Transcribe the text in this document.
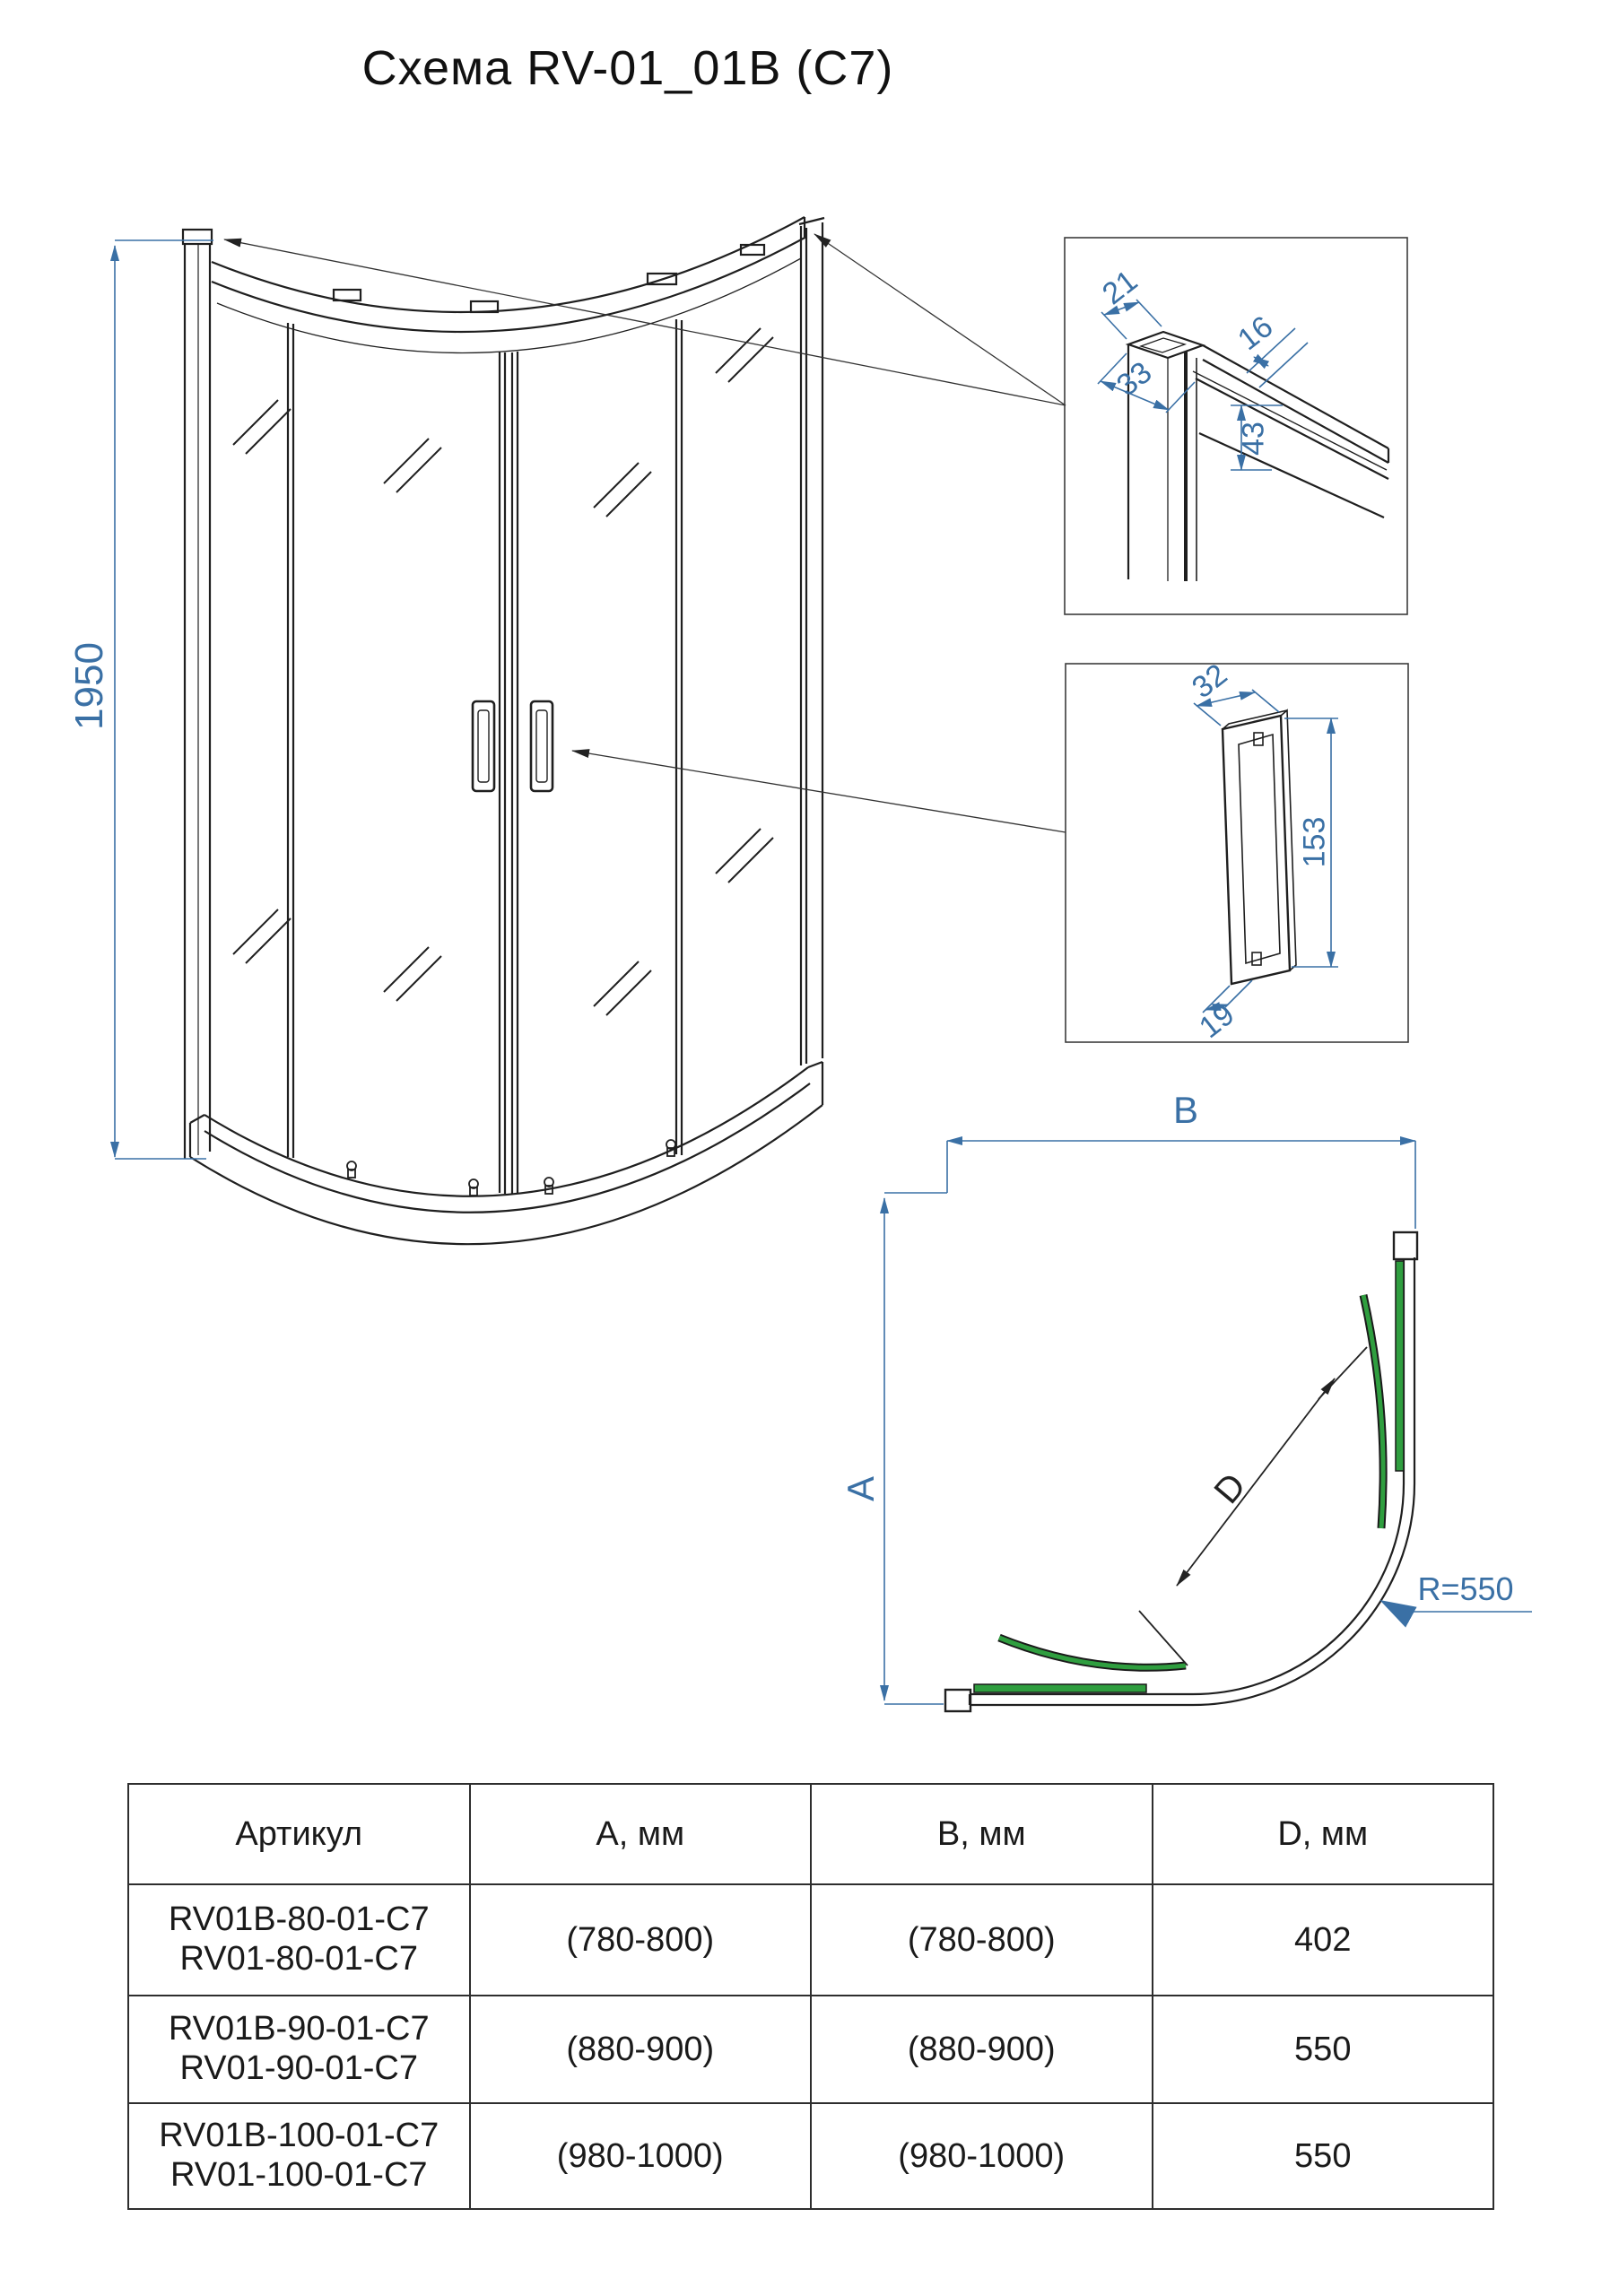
Схема RV-01_01B (C7)
1950
21
33
16
43
32
153
19
B
A	D
R=550
Артикул	А, мм	В, мм	D, мм

RV01B-80-01-C7
RV01-80-01-C7	(780-800)	(780-800)	402

RV01B-90-01-C7
RV01-90-01-C7	(880-900)	(880-900)	550

RV01B-100-01-C7
RV01-100-01-C7	(980-1000)	(980-1000)	550
